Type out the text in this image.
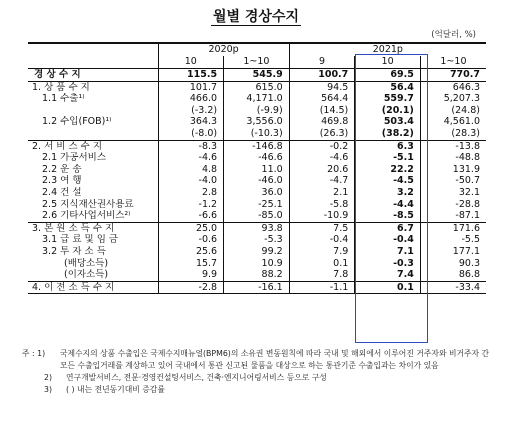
월별 경상수지
(억달러, %)
	2020p		2021p		
	10	1~10	9	10	1~10
경 상 수 지	115.5	545.9	100.7	69.5	770.7
1. 상 품 수 지	101.7	615.0	94.5	56.4	646.3
1.1 수출¹⁾	466.0	4,171.0	564.4	559.7	5,207.3
	(-3.2)	(-9.9)	(14.5)	(20.1)	(24.8)
1.2 수입(FOB)¹⁾	364.3	3,556.0	469.8	503.4	4,561.0
	(-8.0)	(-10.3)	(26.3)	(38.2)	(28.3)
2. 서 비 스 수 지	-8.3	-146.8	-0.2	6.3	-13.8
2.1 가공서비스	-4.6	-46.6	-4.6	-5.1	-48.8
2.2 운 송	4.8	11.0	20.6	22.2	131.9
2.3 여 행	-4.0	-46.0	-4.7	-4.5	-50.7
2.4 건 설	2.8	36.0	2.1	3.2	32.1
2.5 지식재산권사용료	-1.2	-25.1	-5.8	-4.4	-28.8
2.6 기타사업서비스²⁾	-6.6	-85.0	-10.9	-8.5	-87.1
3. 본 원 소 득 수 지	25.0	93.8	7.5	6.7	171.6
3.1 급 료 및 임 금	-0.6	-5.3	-0.4	-0.4	-5.5
3.2 투 자 소 득	25.6	99.2	7.9	7.1	177.1
(배당소득)	15.7	10.9	0.1	-0.3	90.3
(이자소득)	9.9	88.2	7.8	7.4	86.8
4. 이 전 소 득 수 지	-2.8	-16.1	-1.1	0.1	-33.4
주 : 1)	국제수지의 상품 수출입은 국제수지매뉴얼(BPM6)의 소유권 변동원칙에 따라 국내 및 해외에서 이루어진 거주자와 비거주자 간 모든 수출입거래를 계상하고 있어 국내에서 통관 신고된 물품을 대상으로 하는 통관기준 수출입과는 차이가 있음
2)	연구개발서비스, 전문·경영컨설팅서비스, 건축·엔지니어링서비스 등으로 구성
3)	( ) 내는 전년동기대비 증감률
